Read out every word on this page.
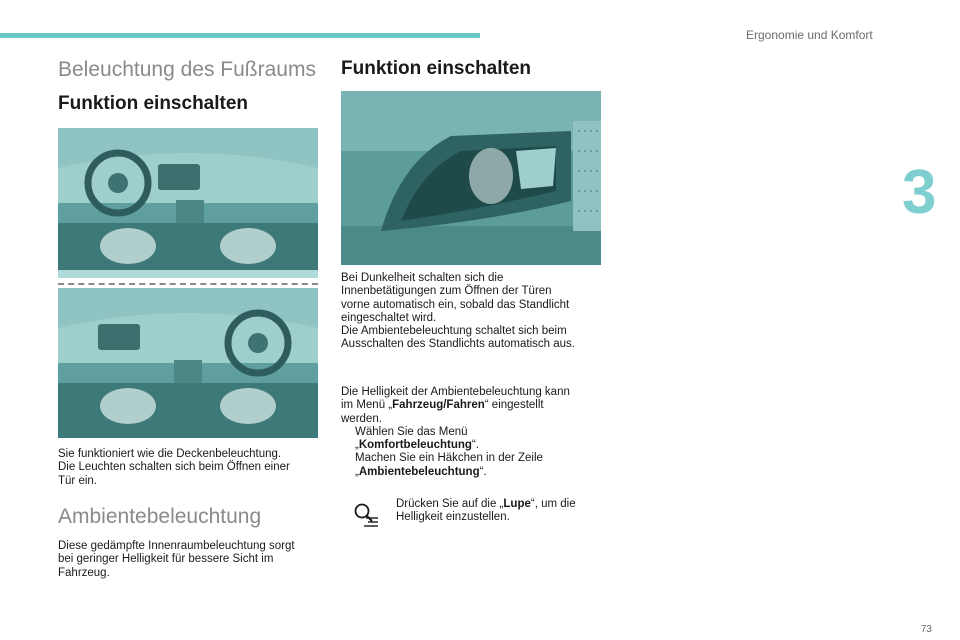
Ergonomie und Komfort
3
Beleuchtung des Fußraums
Funktion einschalten

Sie funktioniert wie die Deckenbeleuchtung.

Die Leuchten schalten sich beim Öffnen einer

Tür ein.

Ambientebeleuchtung

Diese gedämpfte Innenraumbeleuchtung sorgt

bei geringer Helligkeit für bessere Sicht im

Fahrzeug.

Funktion einschalten

Bei Dunkelheit schalten sich die

Innenbetätigungen zum Öffnen der Türen

vorne automatisch ein, sobald das Standlicht

eingeschaltet wird.

Die Ambientebeleuchtung schaltet sich beim

Ausschalten des Standlichts automatisch aus.

Die Helligkeit der Ambientebeleuchtung kann

im Menü „Fahrzeug/Fahren“ eingestellt

werden.

Wählen Sie das Menü

„Komfortbeleuchtung“.

Machen Sie ein Häkchen in der Zeile

„Ambientebeleuchtung“.

Drücken Sie auf die „Lupe“, um die

Helligkeit einzustellen.

73
